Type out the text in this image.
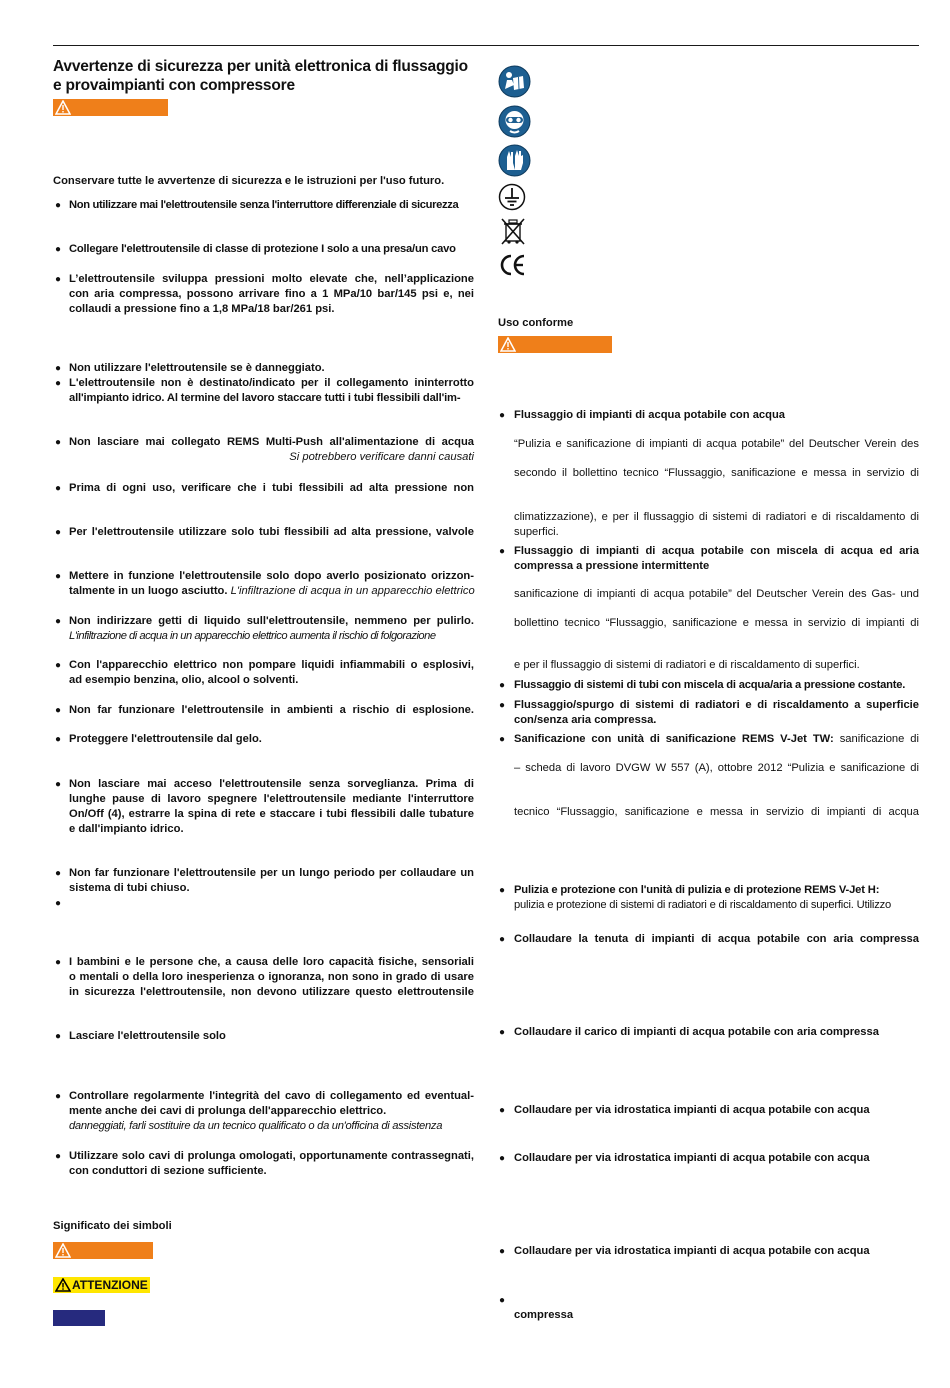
Avvertenze di sicurezza per unità elettronica di flussaggio
e provaimpianti con compressore
Conservare tutte le avvertenze di sicurezza e le istruzioni per l'uso futuro.
● Non utilizzare mai l'elettroutensile senza l'interruttore differenziale di sicurezza
● Collegare l'elettroutensile di classe di protezione I solo a una presa/un cavo
● L’elettroutensile sviluppa pressioni molto elevate che, nell’applicazione
con aria compressa, possono arrivare fino a 1 MPa/10 bar/145 psi e, nei
collaudi a pressione fino a 1,8 MPa/18 bar/261 psi.
● Non utilizzare l'elettroutensile se è danneggiato.
● L'elettroutensile non è destinato/indicato per il collegamento ininterrotto
all'impianto idrico. Al termine del lavoro staccare tutti i tubi flessibili dall'im-
● Non lasciare mai collegato REMS Multi-Push all'alimentazione di acqua
Si potrebbero verificare danni causati
● Prima di ogni uso, verificare che i tubi flessibili ad alta pressione non
● Per l'elettroutensile utilizzare solo tubi flessibili ad alta pressione, valvole
● Mettere in funzione l'elettroutensile solo dopo averlo posizionato orizzon-
talmente in un luogo asciutto. L'infiltrazione di acqua in un apparecchio elettrico
● Non indirizzare getti di liquido sull'elettroutensile, nemmeno per pulirlo.
L'infiltrazione di acqua in un apparecchio elettrico aumenta il rischio di folgorazione
● Con l'apparecchio elettrico non pompare liquidi infiammabili o esplosivi,
ad esempio benzina, olio, alcool o solventi.
● Non far funzionare l'elettroutensile in ambienti a rischio di esplosione.
● Proteggere l'elettroutensile dal gelo.
● Non lasciare mai acceso l'elettroutensile senza sorveglianza. Prima di
lunghe pause di lavoro spegnere l'elettroutensile mediante l'interruttore
On/Off (4), estrarre la spina di rete e staccare i tubi flessibili dalle tubature
e dall'impianto idrico.
● Non far funzionare l'elettroutensile per un lungo periodo per collaudare un
sistema di tubi chiuso.
●
● I bambini e le persone che, a causa delle loro capacità fisiche, sensoriali
o mentali o della loro inesperienza o ignoranza, non sono in grado di usare
in sicurezza l'elettroutensile, non devono utilizzare questo elettroutensile
● Lasciare l'elettroutensile solo
● Controllare regolarmente l'integrità del cavo di collegamento ed eventual-
mente anche dei cavi di prolunga dell'apparecchio elettrico.
danneggiati, farli sostituire da un tecnico qualificato o da un'officina di assistenza
● Utilizzare solo cavi di prolunga omologati, opportunamente contrassegnati,
con conduttori di sezione sufficiente.
Significato dei simboli
ATTENZIONE
Uso conforme
● Flussaggio di impianti di acqua potabile con acqua
“Pulizia e sanificazione di impianti di acqua potabile” del Deutscher Verein des
secondo il bollettino tecnico “Flussaggio, sanificazione e messa in servizio di
climatizzazione), e per il flussaggio di sistemi di radiatori e di riscaldamento di
superfici.
● Flussaggio di impianti di acqua potabile con miscela di acqua ed aria
compressa a pressione intermittente
sanificazione di impianti di acqua potabile” del Deutscher Verein des Gas- und
bollettino tecnico “Flussaggio, sanificazione e messa in servizio di impianti di
e per il flussaggio di sistemi di radiatori e di riscaldamento di superfici.
● Flussaggio di sistemi di tubi con miscela di acqua/aria a pressione costante.
● Flussaggio/spurgo di sistemi di radiatori e di riscaldamento a superficie
con/senza aria compressa.
● Sanificazione con unità di sanificazione REMS V-Jet TW: sanificazione di
– scheda di lavoro DVGW W 557 (A), ottobre 2012 “Pulizia e sanificazione di
tecnico “Flussaggio, sanificazione e messa in servizio di impianti di acqua
● Pulizia e protezione con l'unità di pulizia e di protezione REMS V-Jet H:
pulizia e protezione di sistemi di radiatori e di riscaldamento di superfici. Utilizzo
● Collaudare la tenuta di impianti di acqua potabile con aria compressa
● Collaudare il carico di impianti di acqua potabile con aria compressa
● Collaudare per via idrostatica impianti di acqua potabile con acqua
● Collaudare per via idrostatica impianti di acqua potabile con acqua
● Collaudare per via idrostatica impianti di acqua potabile con acqua
●
compressa
